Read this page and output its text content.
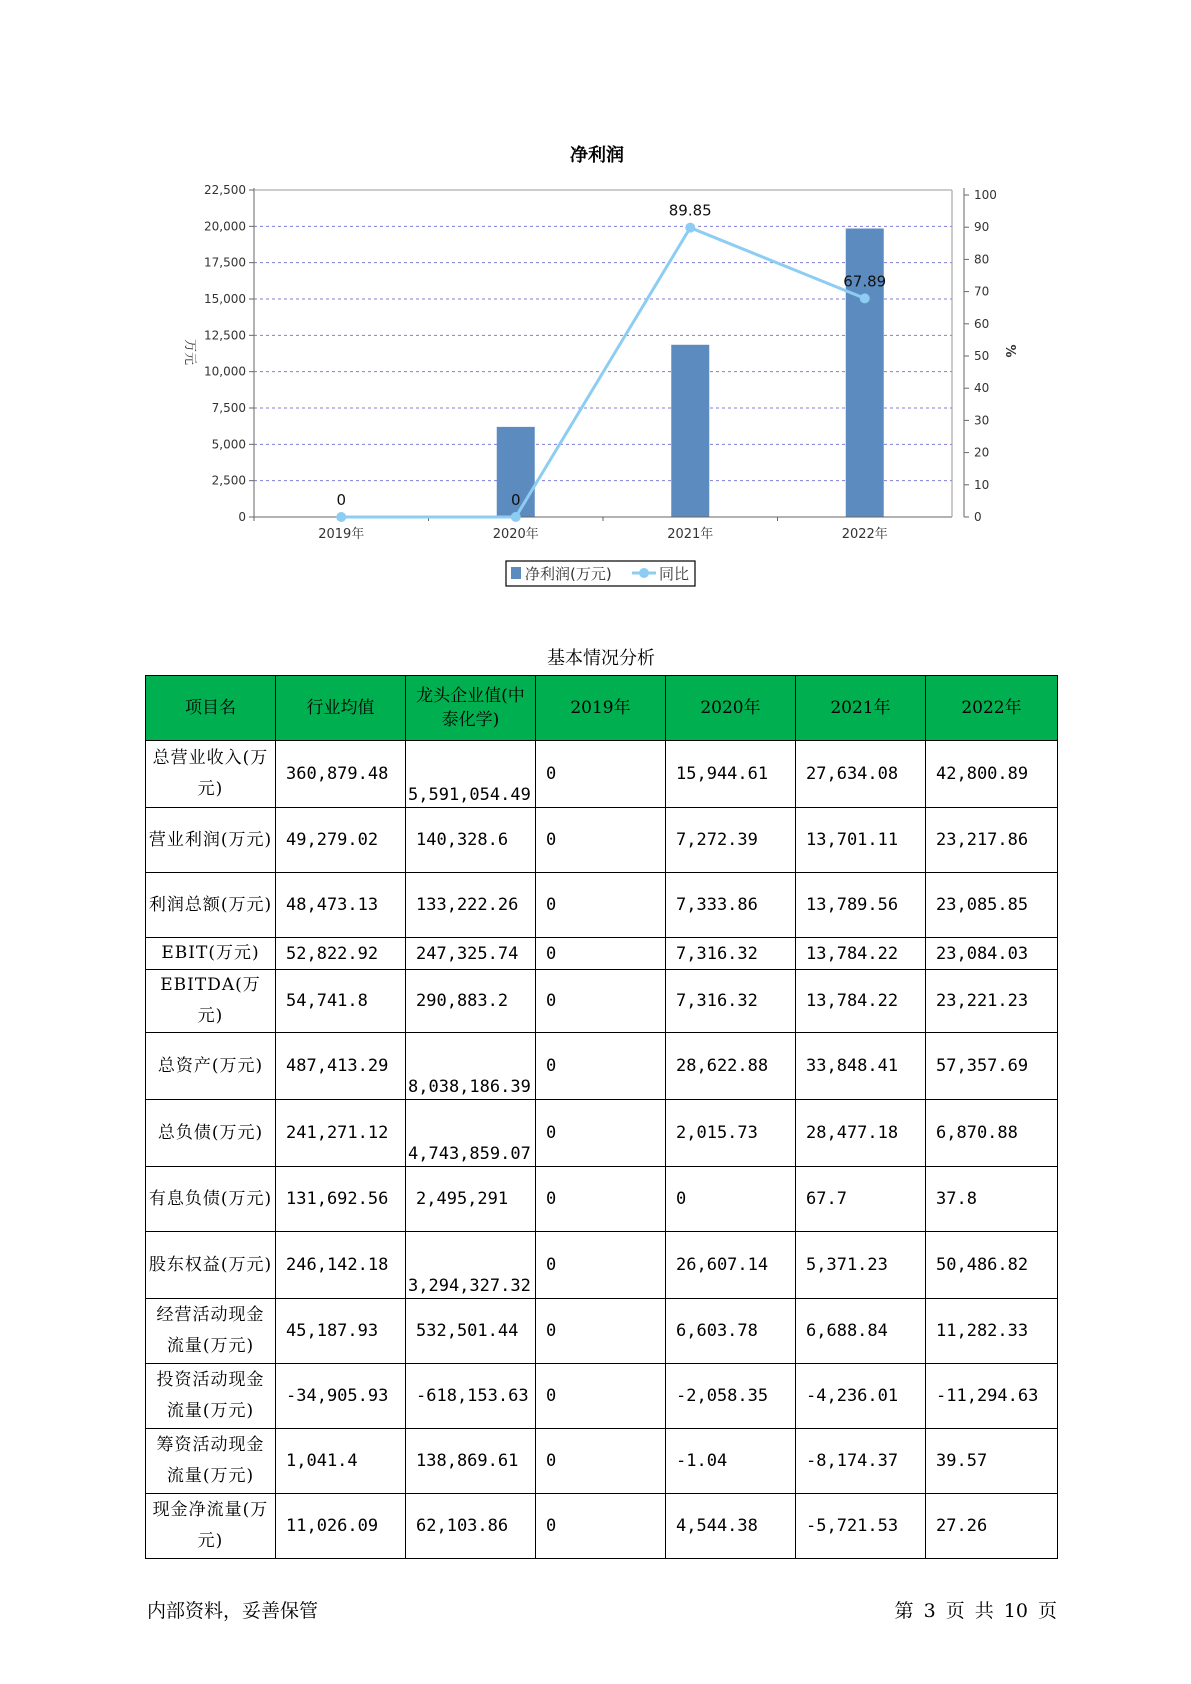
净利润
0
2,500
5,000
7,500
10,000
12,500
15,000
17,500
20,000
22,500
0
10
20
30
40
50
60
70
80
90
100
2019年	2020年	2021年	2022年
0	0
89.85
67.89
万元	%
净利润(万元)	同比
基本情况分析
项目名	行业均值	龙头企业值(中泰化学)	2019年	2020年	2021年	2022年
总营业收入(万元)	360,879.48	5,591,054.49	0	15,944.61	27,634.08	42,800.89
营业利润(万元)	49,279.02	140,328.6	0	7,272.39	13,701.11	23,217.86
利润总额(万元)	48,473.13	133,222.26	0	7,333.86	13,789.56	23,085.85
EBIT(万元)	52,822.92	247,325.74	0	7,316.32	13,784.22	23,084.03
EBITDA(万元)	54,741.8	290,883.2	0	7,316.32	13,784.22	23,221.23
总资产(万元)	487,413.29	8,038,186.39	0	28,622.88	33,848.41	57,357.69
总负债(万元)	241,271.12	4,743,859.07	0	2,015.73	28,477.18	6,870.88
有息负债(万元)	131,692.56	2,495,291	0	0	67.7	37.8
股东权益(万元)	246,142.18	3,294,327.32	0	26,607.14	5,371.23	50,486.82
经营活动现金流量(万元)	45,187.93	532,501.44	0	6,603.78	6,688.84	11,282.33
投资活动现金流量(万元)	-34,905.93	-618,153.63	0	-2,058.35	-4,236.01	-11,294.63
筹资活动现金流量(万元)	1,041.4	138,869.61	0	-1.04	-8,174.37	39.57
现金净流量(万元)	11,026.09	62,103.86	0	4,544.38	-5,721.53	27.26
内部资料，妥善保管	第 3 页 共 10 页
